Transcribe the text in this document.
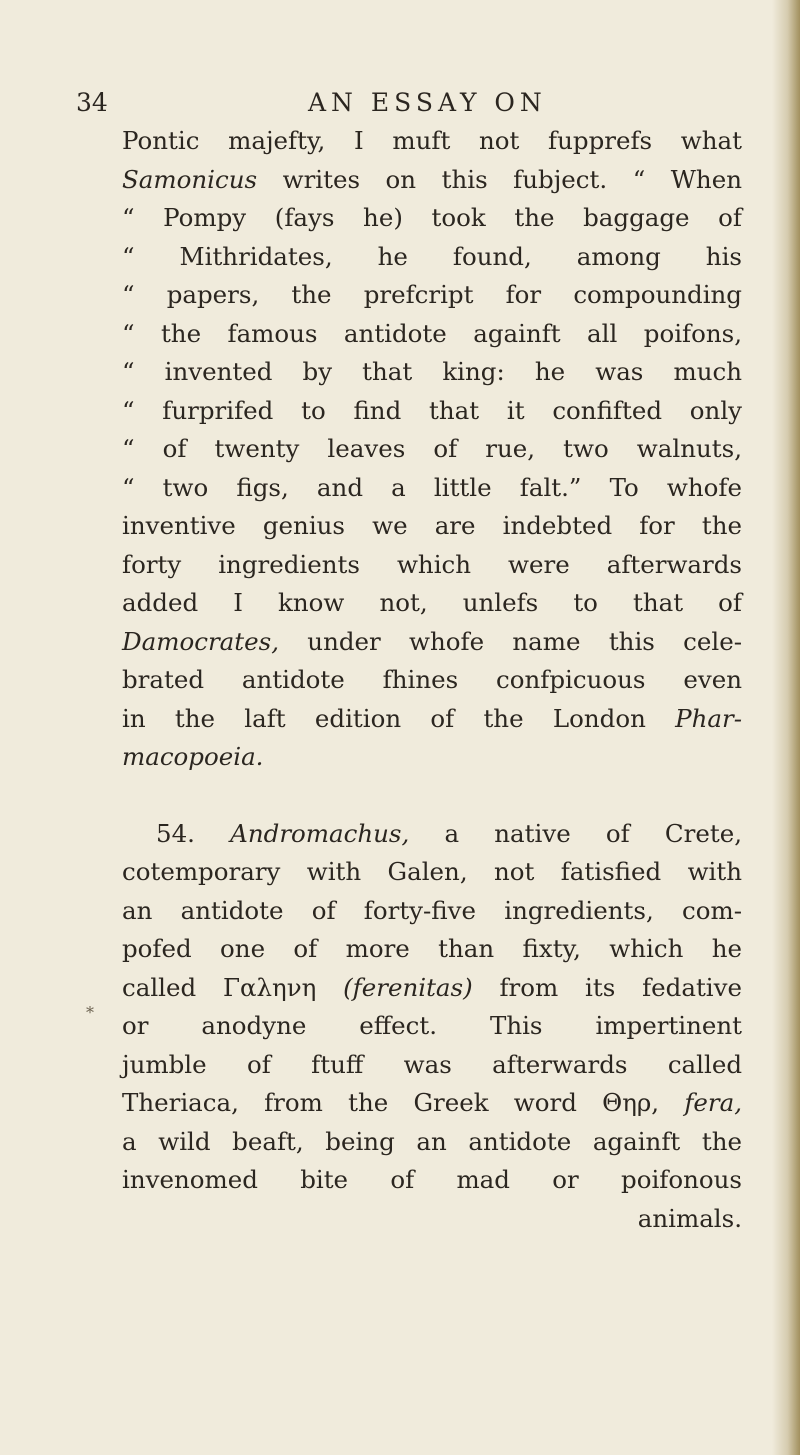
34	AN ESSAY ON
Pontic majefty, I muft not fupprefs what
Samonicus writes on this fubject. “ When
“ Pompy (fays he) took the baggage of
“ Mithridates, he found, among his
“ papers, the prefcript for compounding
“ the famous antidote againft all poifons,
“ invented by that king: he was much
“ furprifed to find that it confifted only
“ of twenty leaves of rue, two walnuts,
“ two figs, and a little falt.” To whofe
inventive genius we are indebted for the
forty ingredients which were afterwards
added I know not, unlefs to that of
Damocrates, under whofe name this cele-
brated antidote fhines confpicuous even
in the laft edition of the London Phar-
macopoeia.
54. Andromachus, a native of Crete,
cotemporary with Galen, not fatisfied with
an antidote of forty-five ingredients, com-
pofed one of more than fixty, which he
called Γαληνη (ferenitas) from its fedative
or anodyne effect. This impertinent
jumble of ftuff was afterwards called
Theriaca, from the Greek word Θηρ, fera,
a wild beaft, being an antidote againft the
invenomed bite of mad or poifonous
animals.
*
